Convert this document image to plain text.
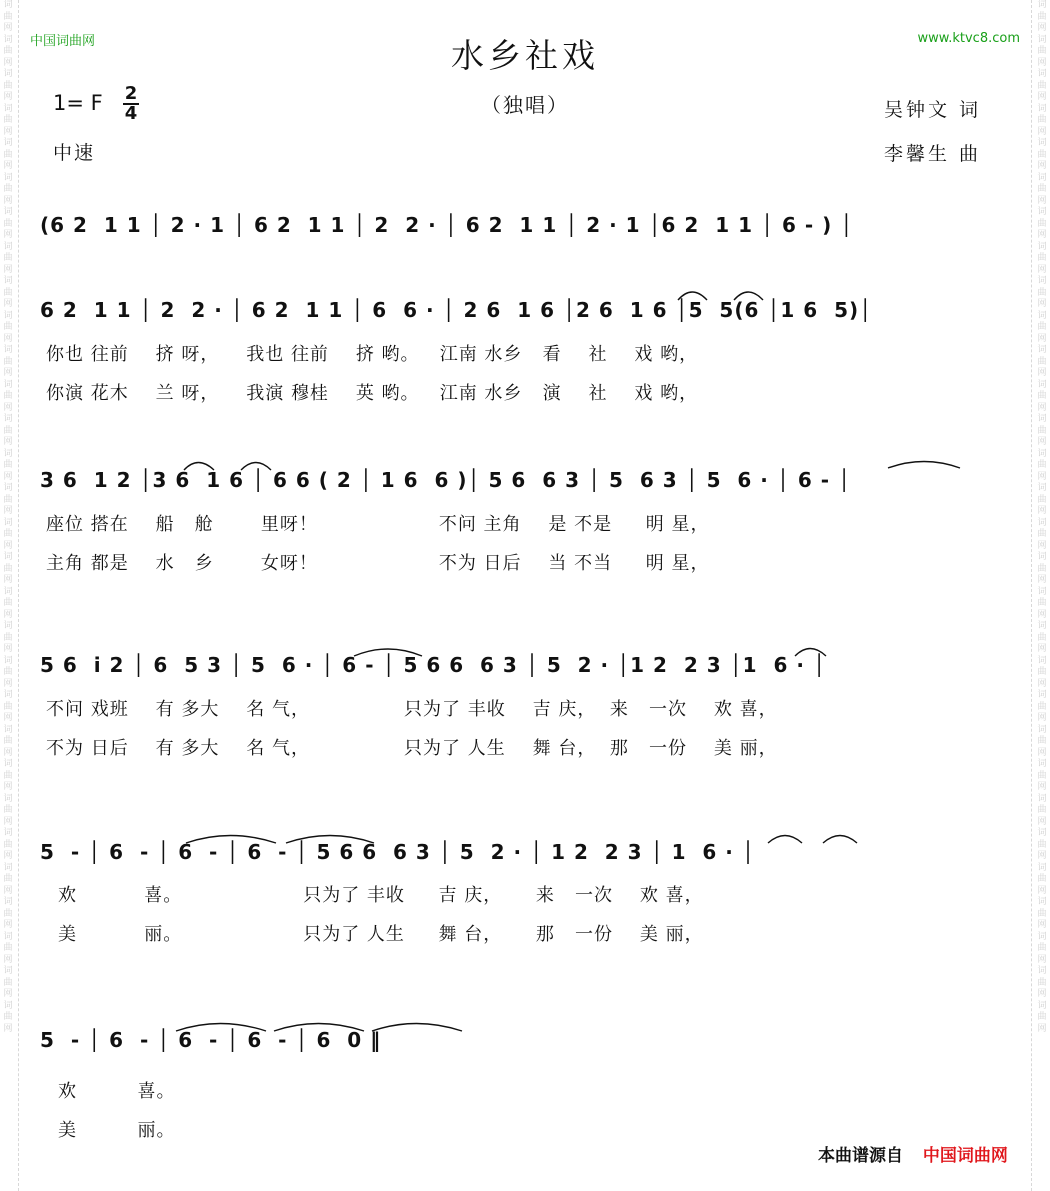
词曲网词曲网词曲网词曲网词曲网词曲网词曲网词曲网词曲网词曲网词曲网词曲网词曲网词曲网词曲网词曲网词曲网词曲网词曲网词曲网词曲网词曲网词曲网词曲网词曲网词曲网词曲网词曲网词曲网词曲网
词曲网词曲网词曲网词曲网词曲网词曲网词曲网词曲网词曲网词曲网词曲网词曲网词曲网词曲网词曲网词曲网词曲网词曲网词曲网词曲网词曲网词曲网词曲网词曲网词曲网词曲网词曲网词曲网词曲网词曲网
中国词曲网	www.ktvc8.com
水乡社戏
（独唱）
1= F $\frac{2}{4}$
中速
吴钟文 词
李馨生 曲
(6 2  1 1 │ 2 · 1 │ 6 2  1 1 │ 2  2 · │ 6 2  1 1 │ 2 · 1 │6 2  1 1 │ 6 - ) │
6 2  1 1 │ 2  2 · │ 6 2  1 1 │ 6  6 · │ 2 6  1 6 │2 6  1 6 │5  5(6 │1 6  5)│
你也 往前    挤 呀，    我也 往前    挤 哟。   江南 水乡   看    社    戏 哟，
你演 花木    兰 呀，    我演 穆桂    英 哟。   江南 水乡   演    社    戏 哟，
3 6  1 2 │3 6  1 6 │ 6 6 ( 2 │ 1 6  6 )│ 5 6  6 3 │ 5  6 3 │ 5  6 · │ 6 - │
座位 搭在    船   舱       里呀！                  不问 主角    是 不是     明 星，
主角 都是    水   乡       女呀！                  不为 日后    当 不当     明 星，
5 6  i 2 │ 6  5 3 │ 5  6 · │ 6 - │ 5 6 6  6 3 │ 5  2 · │1 2  2 3 │1  6 · │
不问 戏班    有 多大    名 气，              只为了 丰收    吉 庆，  来   一次    欢 喜，
不为 日后    有 多大    名 气，              只为了 人生    舞 台，  那   一份    美 丽，
5  - │ 6  - │ 6  - │ 6  - │ 5 6 6  6 3 │ 5  2 · │ 1 2  2 3 │ 1  6 · │
欢          喜。                  只为了 丰收     吉 庆，     来   一次    欢 喜，
美          丽。                  只为了 人生     舞 台，     那   一份    美 丽，
5  - │ 6  - │ 6  - │ 6  - │ 6  0 ‖
欢         喜。
美         丽。
本曲谱源自 中国词曲网
